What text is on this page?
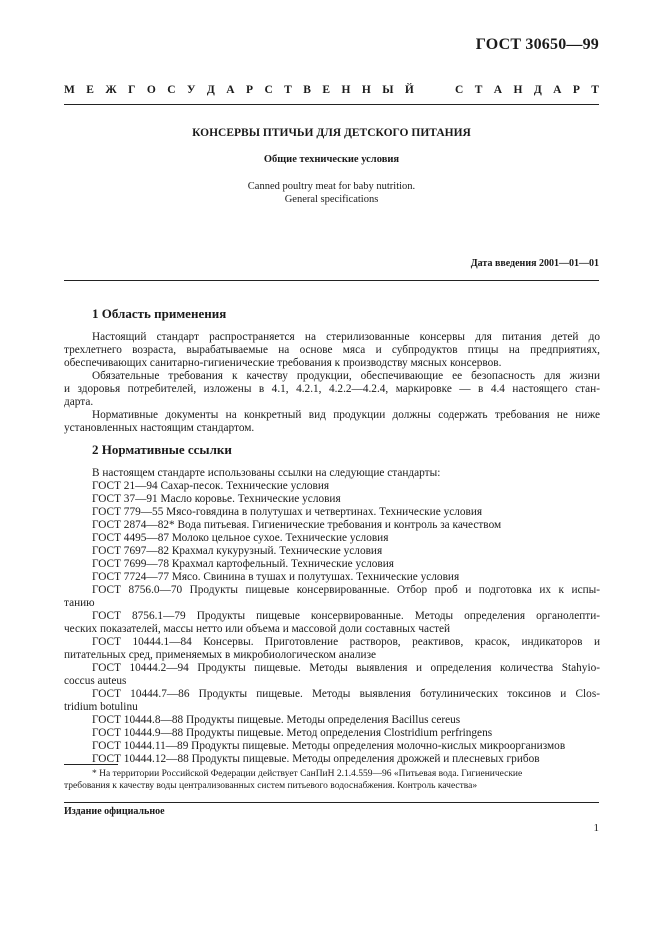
ГОСТ 30650—99
М Е Ж Г О С У Д А Р С Т В Е Н Н Ы Й	С Т А Н Д А Р Т
КОНСЕРВЫ ПТИЧЬИ ДЛЯ ДЕТСКОГО ПИТАНИЯ
Общие технические условия
Canned poultry meat for baby nutrition.
General specifications
Дата введения 2001—01—01
1 Область применения
Настоящий стандарт распространяется на стерилизованные консервы для питания детей до
трехлетнего возраста, вырабатываемые на основе мяса и субпродуктов птицы на предприятиях,
обеспечивающих санитарно-гигиенические требования к производству мясных консервов.
Обязательные требования к качеству продукции, обеспечивающие ее безопасность для жизни
и здоровья потребителей, изложены в 4.1, 4.2.1, 4.2.2—4.2.4, маркировке — в 4.4 настоящего стан-
дарта.
Нормативные документы на конкретный вид продукции должны содержать требования не ниже
установленных настоящим стандартом.
2 Нормативные ссылки
В настоящем стандарте использованы ссылки на следующие стандарты:
ГОСТ 21—94 Сахар-песок. Технические условия
ГОСТ 37—91 Масло коровье. Технические условия
ГОСТ 779—55 Мясо-говядина в полутушах и четвертинах. Технические условия
ГОСТ 2874—82* Вода питьевая. Гигиенические требования и контроль за качеством
ГОСТ 4495—87 Молоко цельное сухое. Технические условия
ГОСТ 7697—82 Крахмал кукурузный. Технические условия
ГОСТ 7699—78 Крахмал картофельный. Технические условия
ГОСТ 7724—77 Мясо. Свинина в тушах и полутушах. Технические условия
ГОСТ 8756.0—70 Продукты пищевые консервированные. Отбор проб и подготовка их к испы-
танию
ГОСТ 8756.1—79 Продукты пищевые консервированные. Методы определения органолепти-
ческих показателей, массы нетто или объема и массовой доли составных частей
ГОСТ 10444.1—84 Консервы. Приготовление растворов, реактивов, красок, индикаторов и
питательных сред, применяемых в микробиологическом анализе
ГОСТ 10444.2—94 Продукты пищевые. Методы выявления и определения количества Stahyio-
coccus auteus
ГОСТ 10444.7—86 Продукты пищевые. Методы выявления ботулинических токсинов и Clos-
tridium botulinu
ГОСТ 10444.8—88 Продукты пищевые. Методы определения Bacillus cereus
ГОСТ 10444.9—88 Продукты пищевые. Метод определения Clostridium perfringens
ГОСТ 10444.11—89 Продукты пищевые. Методы определения молочно-кислых микроорганизмов
ГОСТ 10444.12—88 Продукты пищевые. Методы определения дрожжей и плесневых грибов
* На территории Российской Федерации действует СанПиН 2.1.4.559—96 «Питьевая вода. Гигиенические
требования к качеству воды централизованных систем питьевого водоснабжения. Контроль качества»
Издание официальное
1
